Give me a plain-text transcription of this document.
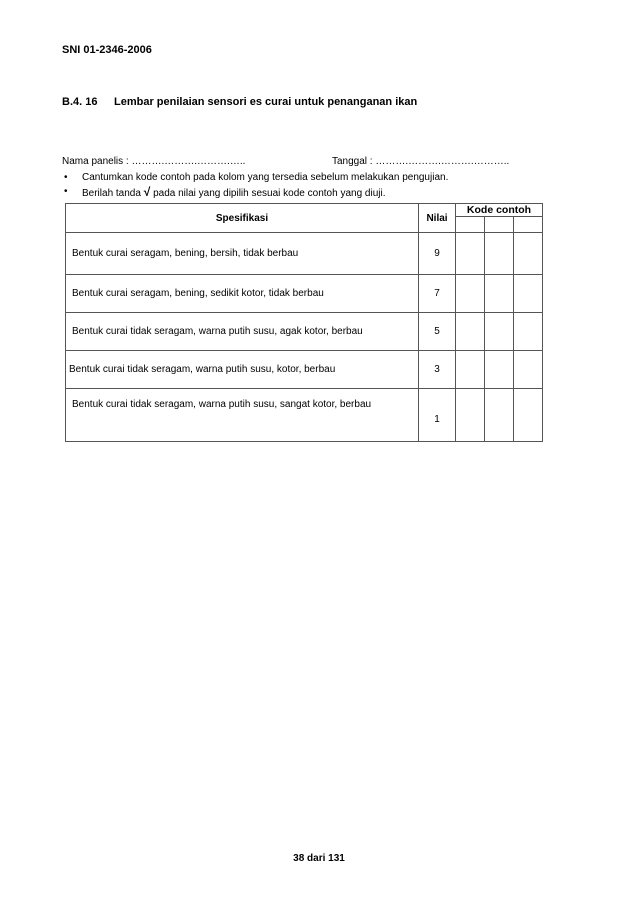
SNI 01-2346-2006
B.4. 16 Lembar penilaian sensori es curai untuk penanganan ikan
Nama panelis : ……….……….……….…..	Tanggal : ……….……….……….………..
• Cantumkan kode contoh pada kolom yang tersedia sebelum melakukan pengujian.
• Berilah tanda √ pada nilai yang dipilih sesuai kode contoh yang diuji.
Spesifikasi	Nilai	Kode contoh		

Bentuk curai seragam, bening, bersih, tidak berbau	9			
Bentuk curai seragam, bening, sedikit kotor, tidak berbau	7			
Bentuk curai tidak seragam, warna putih susu, agak kotor, berbau	5			
Bentuk curai tidak seragam, warna putih susu, kotor, berbau	3			
Bentuk curai tidak seragam, warna putih susu, sangat kotor, berbau	1			
38 dari 131
